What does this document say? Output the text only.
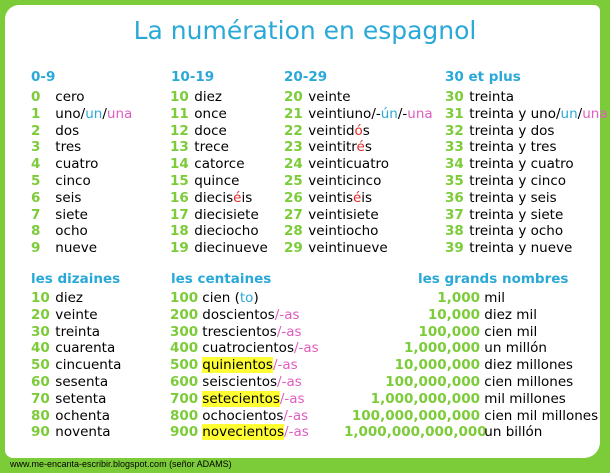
La numération en espagnol
0-9	10-19	20-29	30 et plus
0 cero
1 uno/un/una
2 dos
3 tres
4 cuatro
5 cinco
6 seis
7 siete
8 ocho
9 nueve
10 diez
11 once
12 doce
13 trece
14 catorce
15 quince
16 dieciséis
17 diecisiete
18 dieciocho
19 diecinueve
20 veinte
21 veintiuno/-ún/-una
22 veintidós
23 veintitrés
24 veinticuatro
25 veinticinco
26 veintiséis
27 veintisiete
28 veintiocho
29 veintinueve
30 treinta
31 treinta y uno/un/una
32 treinta y dos
33 treinta y tres
34 treinta y cuatro
35 treinta y cinco
36 treinta y seis
37 treinta y siete
38 treinta y ocho
39 treinta y nueve
les dizaines	les centaines	les grands nombres
10 diez
20 veinte
30 treinta
40 cuarenta
50 cincuenta
60 sesenta
70 setenta
80 ochenta
90 noventa
100 cien (to)
200 doscientos/-as
300 trescientos/-as
400 cuatrocientos/-as
500 quinientos/-as
600 seiscientos/-as
700 setecientos/-as
800 ochocientos/-as
900 novecientos/-as
1,000 mil
10,000 diez mil
100,000 cien mil
1,000,000 un millón
10,000,000 diez millones
100,000,000 cien millones
1,000,000,000 mil millones
100,000,000,000 cien mil millones
1,000,000,000,000 un billón
www.me-encanta-escribir.blogspot.com (señor ADAMS)
